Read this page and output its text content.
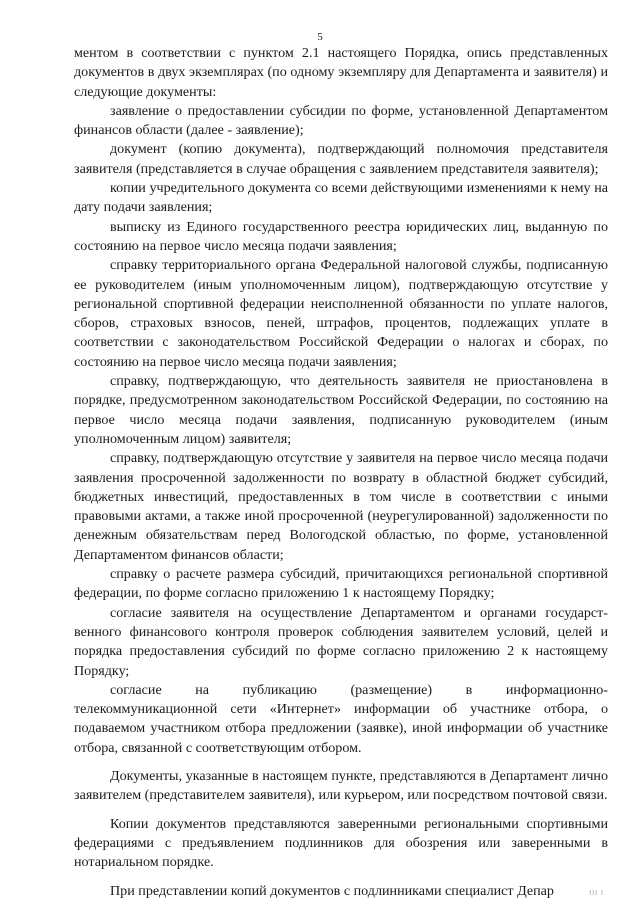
5

ментом в соответствии с пунктом 2.1 настоящего Порядка, опись представленных документов в двух экземплярах (по одному экземпляру для Департамента и заявителя) и следующие документы:

заявление о предоставлении субсидии по форме, установленной Департаментом финансов области (далее - заявление);

документ (копию документа), подтверждающий полномочия представителя заявителя (представляется в случае обращения с заявлением представителя заявителя);

копии учредительного документа со всеми действующими изменениями к нему на дату подачи заявления;

выписку из Единого государственного реестра юридических лиц, выданную по состоянию на первое число месяца подачи заявления;

справку территориального органа Федеральной налоговой службы, подписанную ее руководителем (иным уполномоченным лицом), подтверждающую отсутствие у региональной спортивной федерации неисполненной обязанности по уплате налогов, сборов, страховых взносов, пеней, штрафов, процентов, подлежащих уплате в соответствии с законодательством Российской Федерации о налогах и сборах, по состоянию на первое число месяца подачи заявления;

справку, подтверждающую, что деятельность заявителя не приостановлена в порядке, предусмотренном законодательством Российской Федерации, по состоянию на первое число месяца подачи заявления, подписанную руководителем (иным уполномоченным лицом) заявителя;

справку, подтверждающую отсутствие у заявителя на первое число месяца подачи заявления просроченной задолженности по возврату в областной бюджет субсидий, бюджетных инвестиций, предоставленных в том числе в соответствии с иными правовыми актами, а также иной просроченной (неурегулированной) задолженности по денежным обязательствам перед Вологодской областью, по форме, установленной Департаментом финансов области;

справку о расчете размера субсидий, причитающихся региональной спортивной федерации, по форме согласно приложению 1 к настоящему Порядку;

согласие заявителя на осуществление Департаментом и органами государственного финансового контроля проверок соблюдения заявителем условий, целей и порядка предоставления субсидий по форме согласно приложению 2 к настоящему Порядку;

согласие на публикацию (размещение) в информационно-

телекоммуникационной сети «Интернет» информации об участнике отбора, о подаваемом участником отбора предложении (заявке), иной информации об участнике отбора, связанной с соответствующим отбором.

Документы, указанные в настоящем пункте, представляются в Департамент лично заявителем (представителем заявителя), или курьером, или посредством почтовой связи.

Копии документов представляются заверенными региональными спортивными федерациями с предъявлением подлинников для обозрения или заверенными в нотариальном порядке.

При представлении копий документов с подлинниками специалист Депар	III I
